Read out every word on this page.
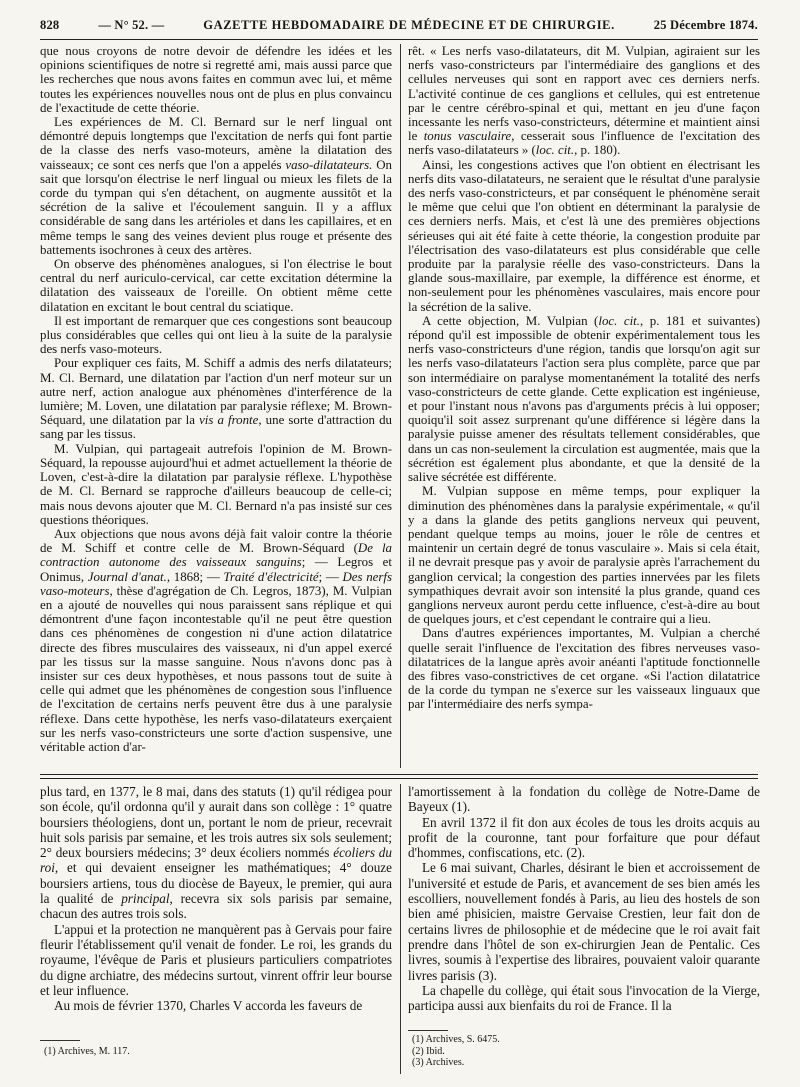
828	— N° 52. —	GAZETTE HEBDOMADAIRE DE MÉDECINE ET DE CHIRURGIE.	25 Décembre 1874.

que nous croyons de notre devoir de défendre les idées et les opinions scientifiques de notre si regretté ami, mais aussi parce que les recherches que nous avons faites en commun avec lui, et même toutes les expériences nouvelles nous ont de plus en plus convaincu de l'exactitude de cette théorie.

Les expériences de M. Cl. Bernard sur le nerf lingual ont démontré depuis longtemps que l'excitation de nerfs qui font partie de la classe des nerfs vaso-moteurs, amène la dilatation des vaisseaux; ce sont ces nerfs que l'on a appelés vaso-dilatateurs. On sait que lorsqu'on électrise le nerf lingual ou mieux les filets de la corde du tympan qui s'en détachent, on augmente aussitôt et la sécrétion de la salive et l'écoulement sanguin. Il y a afflux considérable de sang dans les artérioles et dans les capillaires, et en même temps le sang des veines devient plus rouge et présente des battements isochrones à ceux des artères.

On observe des phénomènes analogues, si l'on électrise le bout central du nerf auriculo-cervical, car cette excitation détermine la dilatation des vaisseaux de l'oreille. On obtient même cette dilatation en excitant le bout central du sciatique.

Il est important de remarquer que ces congestions sont beaucoup plus considérables que celles qui ont lieu à la suite de la paralysie des nerfs vaso-moteurs.

Pour expliquer ces faits, M. Schiff a admis des nerfs dilatateurs; M. Cl. Bernard, une dilatation par l'action d'un nerf moteur sur un autre nerf, action analogue aux phénomènes d'interférence de la lumière; M. Loven, une dilatation par paralysie réflexe; M. Brown-Séquard, une dilatation par la vis a fronte, une sorte d'attraction du sang par les tissus.

M. Vulpian, qui partageait autrefois l'opinion de M. Brown-Séquard, la repousse aujourd'hui et admet actuellement la théorie de Loven, c'est-à-dire la dilatation par paralysie réflexe. L'hypothèse de M. Cl. Bernard se rapproche d'ailleurs beaucoup de celle-ci; mais nous devons ajouter que M. Cl. Bernard n'a pas insisté sur ces questions théoriques.

Aux objections que nous avons déjà fait valoir contre la théorie de M. Schiff et contre celle de M. Brown-Séquard (De la contraction autonome des vaisseaux sanguins; — Legros et Onimus, Journal d'anat., 1868; — Traité d'électricité; — Des nerfs vaso-moteurs, thèse d'agrégation de Ch. Legros, 1873), M. Vulpian en a ajouté de nouvelles qui nous paraissent sans réplique et qui démontrent d'une façon incontestable qu'il ne peut être question dans ces phénomènes de congestion ni d'une action dilatatrice directe des fibres musculaires des vaisseaux, ni d'un appel exercé par les tissus sur la masse sanguine. Nous n'avons donc pas à insister sur ces deux hypothèses, et nous passons tout de suite à celle qui admet que les phénomènes de congestion sous l'influence de l'excitation de certains nerfs peuvent être dus à une paralysie réflexe. Dans cette hypothèse, les nerfs vaso-dilatateurs exerçaient sur les nerfs vaso-constricteurs une sorte d'action suspensive, une véritable action d'ar-

rêt. « Les nerfs vaso-dilatateurs, dit M. Vulpian, agiraient sur les nerfs vaso-constricteurs par l'intermédiaire des ganglions et des cellules nerveuses qui sont en rapport avec ces derniers nerfs. L'activité continue de ces ganglions et cellules, qui est entretenue par le centre cérébro-spinal et qui, mettant en jeu d'une façon incessante les nerfs vaso-constricteurs, détermine et maintient ainsi le tonus vasculaire, cesserait sous l'influence de l'excitation des nerfs vaso-dilatateurs » (loc. cit., p. 180).

Ainsi, les congestions actives que l'on obtient en électrisant les nerfs dits vaso-dilatateurs, ne seraient que le résultat d'une paralysie des nerfs vaso-constricteurs, et par conséquent le phénomène serait le même que celui que l'on obtient en déterminant la paralysie de ces derniers nerfs. Mais, et c'est là une des premières objections sérieuses qui ait été faite à cette théorie, la congestion produite par l'électrisation des vaso-dilatateurs est plus considérable que celle produite par la paralysie réelle des vaso-constricteurs. Dans la glande sous-maxillaire, par exemple, la différence est énorme, et non-seulement pour les phénomènes vasculaires, mais encore pour la sécrétion de la salive.

A cette objection, M. Vulpian (loc. cit., p. 181 et suivantes) répond qu'il est impossible de obtenir expérimentalement tous les nerfs vaso-constricteurs d'une région, tandis que lorsqu'on agit sur les nerfs vaso-dilatateurs l'action sera plus complète, parce que par son intermédiaire on paralyse momentanément la totalité des nerfs vaso-constricteurs de cette glande. Cette explication est ingénieuse, et pour l'instant nous n'avons pas d'arguments précis à lui opposer; quoiqu'il soit assez surprenant qu'une différence si légère dans la paralysie puisse amener des résultats tellement considérables, que dans un cas non-seulement la circulation est augmentée, mais que la sécrétion est également plus abondante, et que la densité de la salive sécrétée est différente.

M. Vulpian suppose en même temps, pour expliquer la diminution des phénomènes dans la paralysie expérimentale, « qu'il y a dans la glande des petits ganglions nerveux qui peuvent, pendant quelque temps au moins, jouer le rôle de centres et maintenir un certain degré de tonus vasculaire ». Mais si cela était, il ne devrait presque pas y avoir de paralysie après l'arrachement du ganglion cervical; la congestion des parties innervées par les filets sympathiques devrait avoir son intensité la plus grande, quand ces ganglions nerveux auront perdu cette influence, c'est-à-dire au bout de quelques jours, et c'est cependant le contraire qui a lieu.

Dans d'autres expériences importantes, M. Vulpian a cherché quelle serait l'influence de l'excitation des fibres nerveuses vaso-dilatatrices de la langue après avoir anéanti l'aptitude fonctionnelle des fibres vaso-constrictives de cet organe. «Si l'action dilatatrice de la corde du tympan ne s'exerce sur les vaisseaux linguaux que par l'intermédiaire des nerfs sympa-

plus tard, en 1377, le 8 mai, dans des statuts (1) qu'il rédigea pour son école, qu'il ordonna qu'il y aurait dans son collège : 1° quatre boursiers théologiens, dont un, portant le nom de prieur, recevrait huit sols parisis par semaine, et les trois autres six sols seulement; 2° deux boursiers médecins; 3° deux écoliers nommés écoliers du roi, et qui devaient enseigner les mathématiques; 4° douze boursiers artiens, tous du diocèse de Bayeux, le premier, qui aura la qualité de principal, recevra six sols parisis par semaine, chacun des autres trois sols.

L'appui et la protection ne manquèrent pas à Gervais pour faire fleurir l'établissement qu'il venait de fonder. Le roi, les grands du royaume, l'évêque de Paris et plusieurs particuliers compatriotes du digne archiatre, des médecins surtout, vinrent offrir leur bourse et leur influence.

Au mois de février 1370, Charles V accorda les faveurs de

(1) Archives, M. 117.

l'amortissement à la fondation du collège de Notre-Dame de Bayeux (1).

En avril 1372 il fit don aux écoles de tous les droits acquis au profit de la couronne, tant pour forfaiture que pour défaut d'hommes, confiscations, etc. (2).

Le 6 mai suivant, Charles, désirant le bien et accroissement de l'université et estude de Paris, et avancement de ses bien amés les escolliers, nouvellement fondés à Paris, au lieu des hostels de son bien amé phisicien, maistre Gervaise Crestien, leur fait don de certains livres de philosophie et de médecine que le roi avait fait prendre dans l'hôtel de son ex-chirurgien Jean de Pentalic. Ces livres, soumis à l'expertise des libraires, pouvaient valoir quarante livres parisis (3).

La chapelle du collège, qui était sous l'invocation de la Vierge, participa aussi aux bienfaits du roi de France. Il la

(1) Archives, S. 6475.
(2) Ibid.
(3) Archives.
